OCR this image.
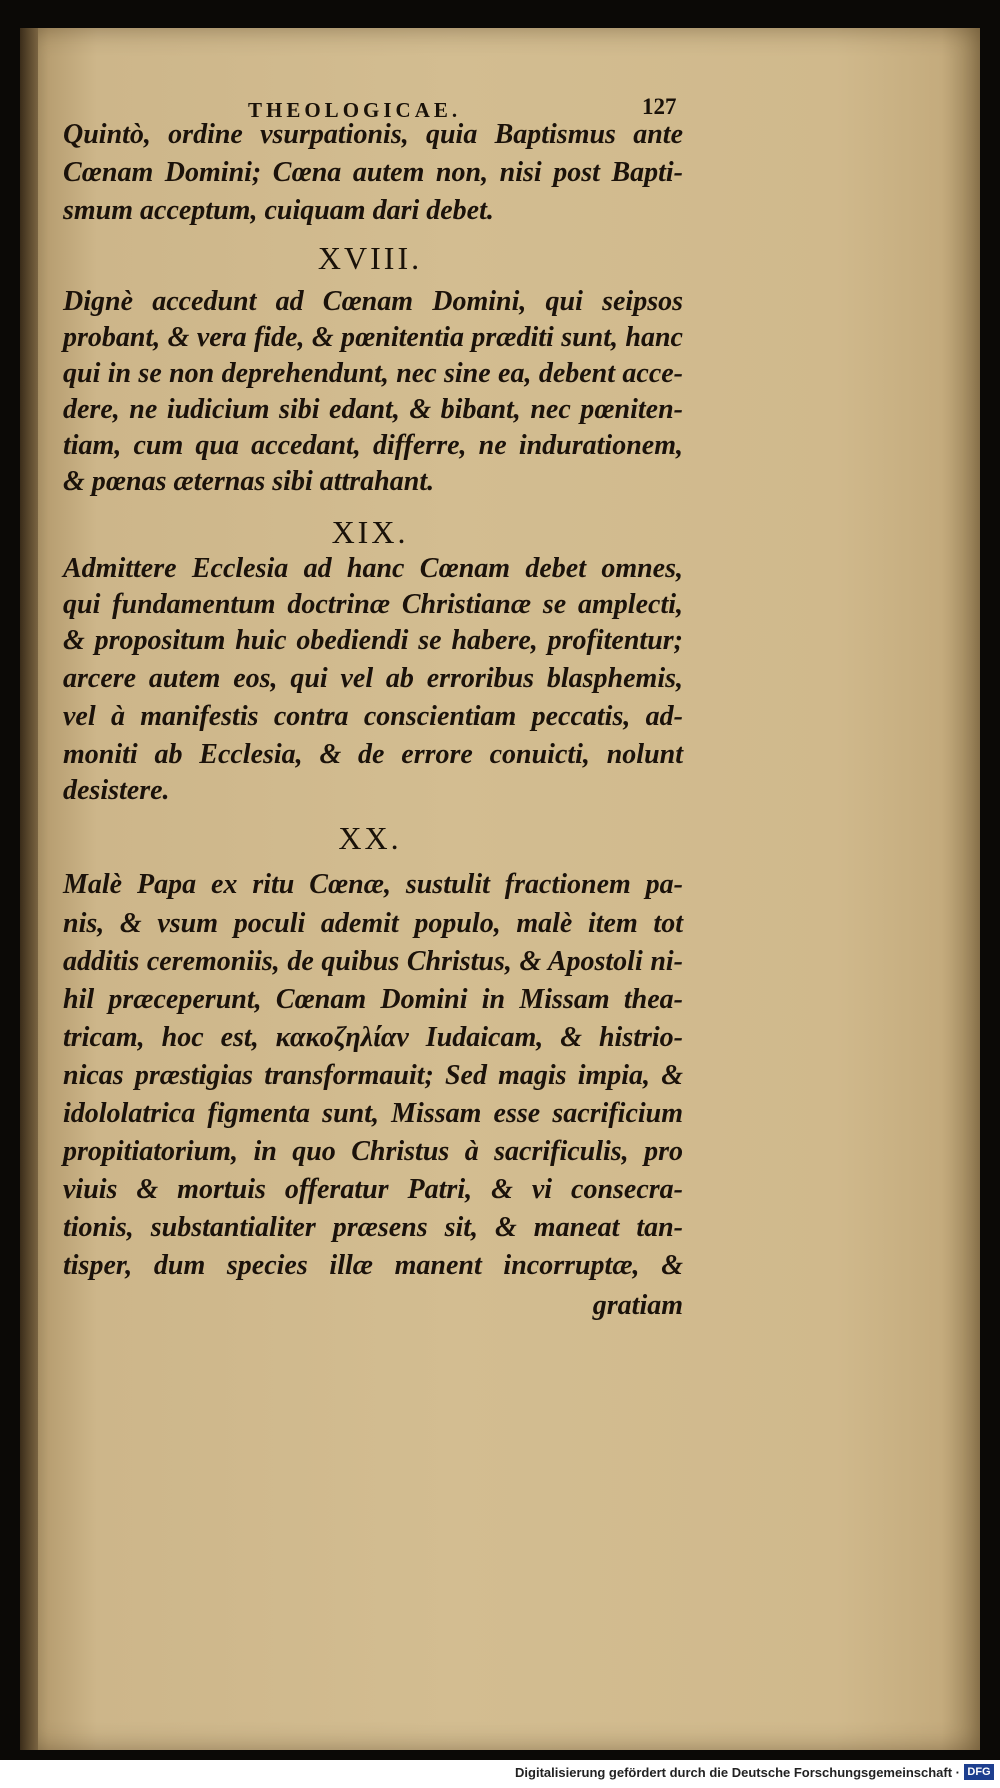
THEOLOGICAE.	127
Quintò, ordine vsurpationis, quia Baptismus ante
Cœnam Domini; Cœna autem non, nisi post Bapti-
smum acceptum, cuiquam dari debet.
XVIII.
Dignè accedunt ad Cœnam Domini, qui seipsos
probant, & vera fide, & pœnitentia præditi sunt, hanc
qui in se non deprehendunt, nec sine ea, debent acce-
dere, ne iudicium sibi edant, & bibant, nec pœniten-
tiam, cum qua accedant, differre, ne indurationem,
& pœnas æternas sibi attrahant.
XIX.
Admittere Ecclesia ad hanc Cœnam debet omnes,
qui fundamentum doctrinæ Christianæ se amplecti,
& propositum huic obediendi se habere, profitentur;
arcere autem eos, qui vel ab erroribus blasphemis,
vel à manifestis contra conscientiam peccatis, ad-
moniti ab Ecclesia, & de errore conuicti, nolunt
desistere.
XX.
Malè Papa ex ritu Cœnæ, sustulit fractionem pa-
nis, & vsum poculi ademit populo, malè item tot
additis ceremoniis, de quibus Christus, & Apostoli ni-
hil præceperunt, Cœnam Domini in Missam thea-
tricam, hoc est, κακοζηλίαν Iudaicam, & histrio-
nicas præstigias transformauit; Sed magis impia, &
idololatrica figmenta sunt, Missam esse sacrificium
propitiatorium, in quo Christus à sacrificulis, pro
viuis & mortuis offeratur Patri, & vi consecra-
tionis, substantialiter præsens sit, & maneat tan-
tisper, dum species illæ manent incorruptæ, &
gratiam
Digitalisierung gefördert durch die Deutsche Forschungsgemeinschaft · DFG
